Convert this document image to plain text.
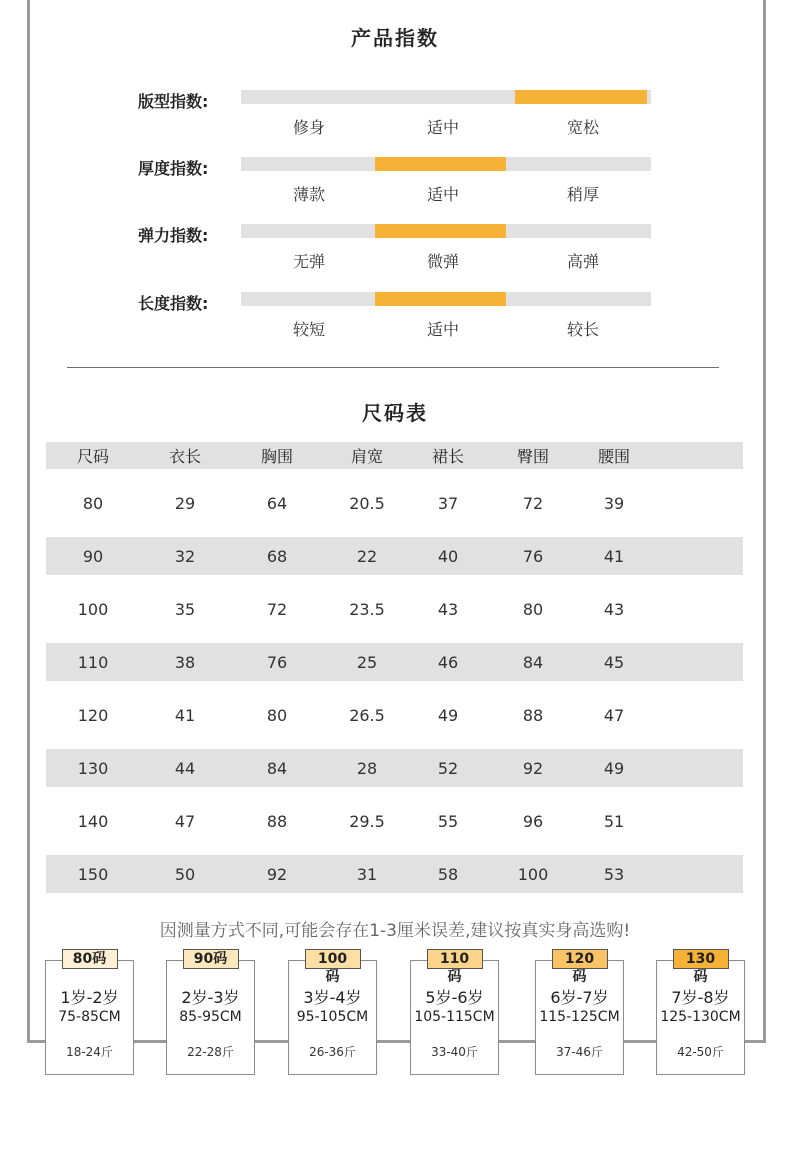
产品指数
版型指数:
修身	适中	宽松
厚度指数:
薄款	适中	稍厚
弹力指数:
无弹	微弹	高弹
长度指数:
较短	适中	较长
尺码表
尺码	衣长	胸围	肩宽	裙长	臀围	腰围
80	29	64	20.5	37	72	39
90	32	68	22	40	76	41
100	35	72	23.5	43	80	43
110	38	76	25	46	84	45
120	41	80	26.5	49	88	47
130	44	84	28	52	92	49
140	47	88	29.5	55	96	51
150	50	92	31	58	100	53
因测量方式不同,可能会存在1-3厘米误差,建议按真实身高选购!
80码
1岁-2岁
75-85CM
18-24斤
90码
2岁-3岁
85-95CM
22-28斤
100码
3岁-4岁
95-105CM
26-36斤
110码
5岁-6岁
105-115CM
33-40斤
120码
6岁-7岁
115-125CM
37-46斤
130码
7岁-8岁
125-130CM
42-50斤
